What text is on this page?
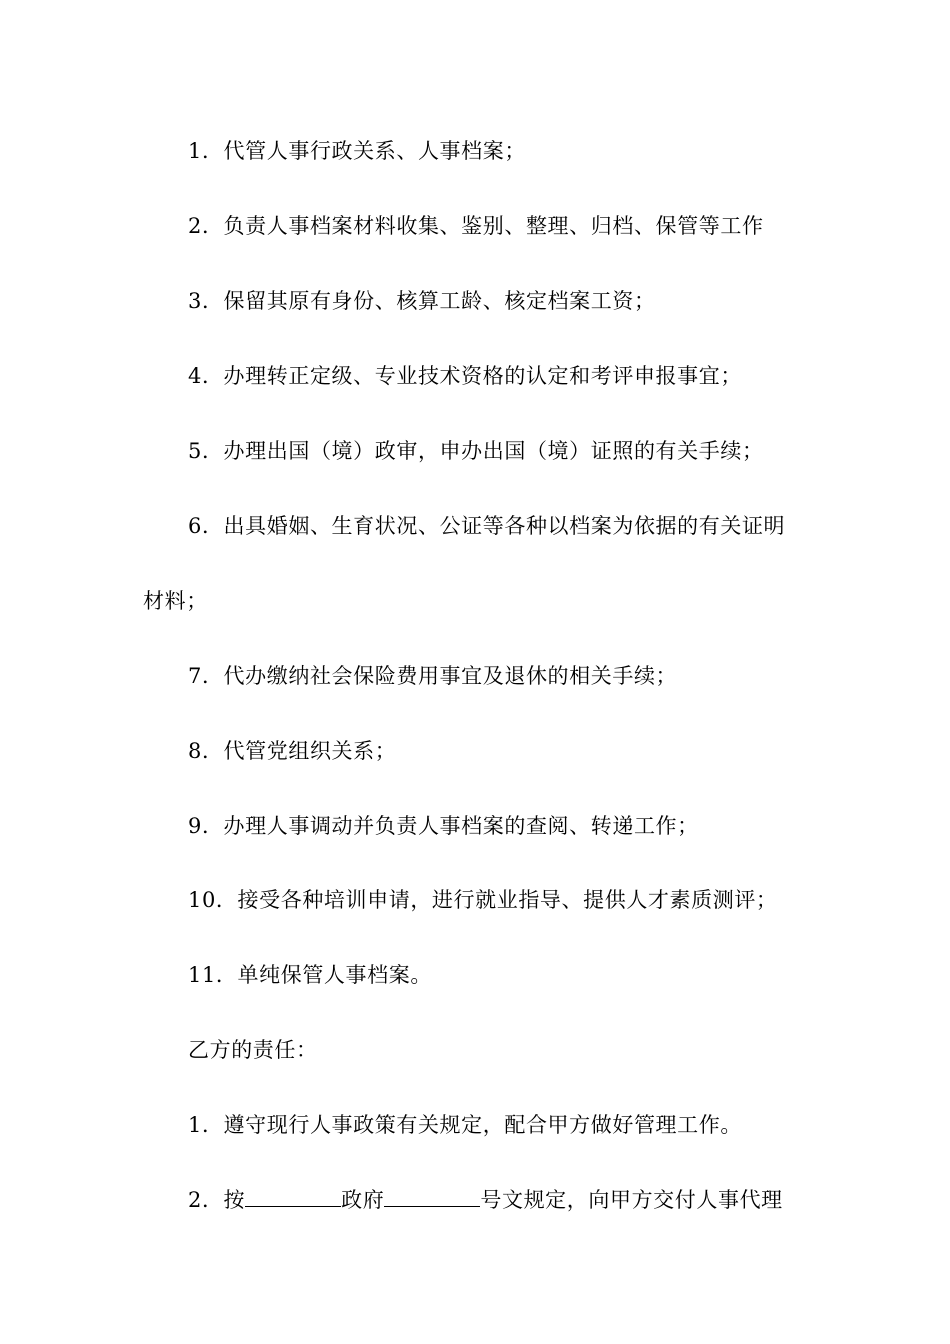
1．代管人事行政关系、人事档案；
2．负责人事档案材料收集、鉴别、整理、归档、保管等工作
3．保留其原有身份、核算工龄、核定档案工资；
4．办理转正定级、专业技术资格的认定和考评申报事宜；
5．办理出国（境）政审，申办出国（境）证照的有关手续；
6．出具婚姻、生育状况、公证等各种以档案为依据的有关证明
材料；
7．代办缴纳社会保险费用事宜及退休的相关手续；
8．代管党组织关系；
9．办理人事调动并负责人事档案的查阅、转递工作；
10．接受各种培训申请，进行就业指导、提供人才素质测评；
11．单纯保管人事档案。
乙方的责任：
1．遵守现行人事政策有关规定，配合甲方做好管理工作。
2．按	政府	号文规定，向甲方交付人事代理
